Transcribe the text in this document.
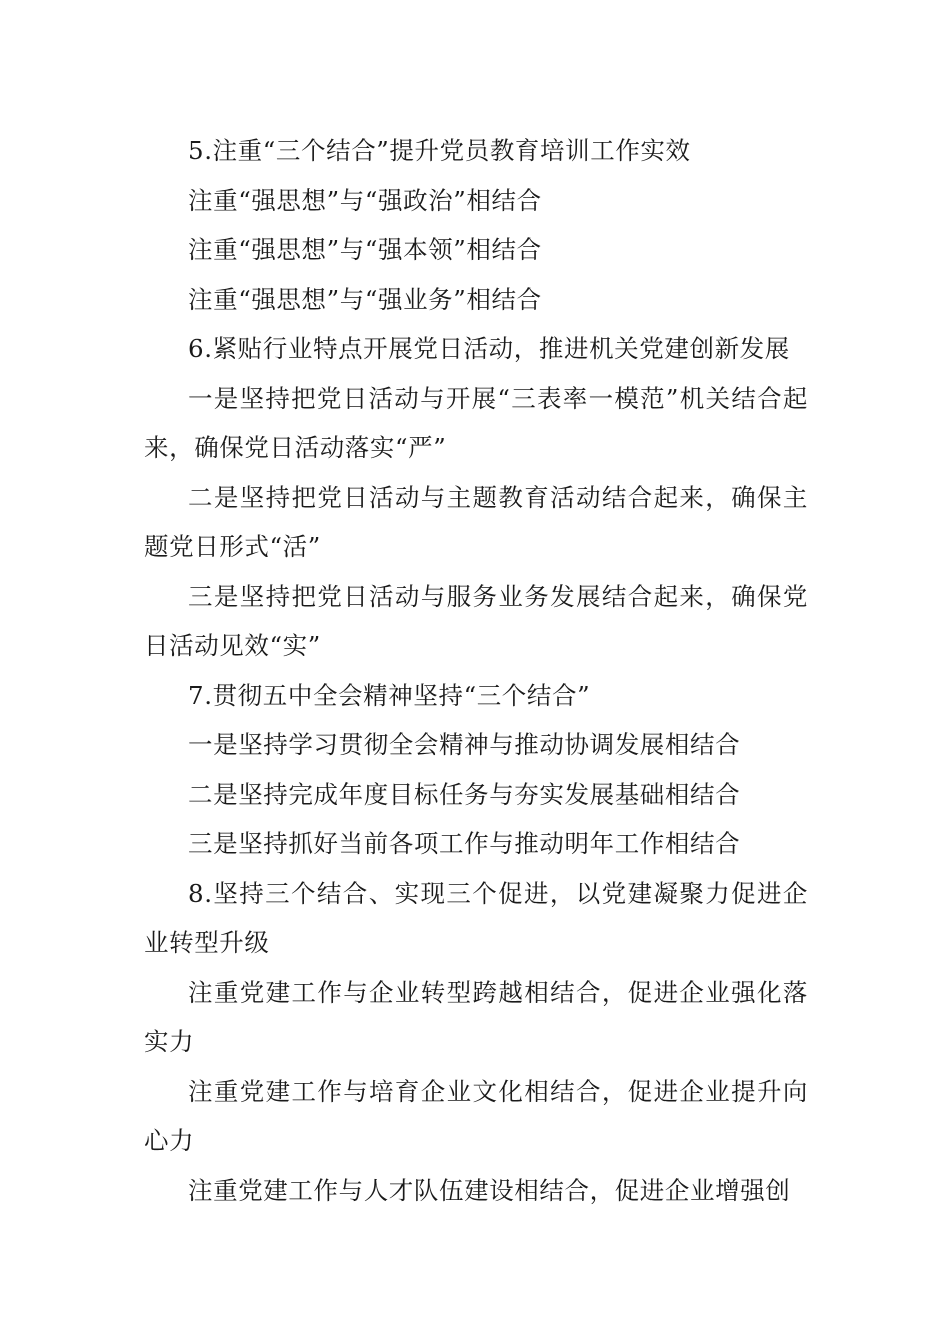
5.注重“三个结合”提升党员教育培训工作实效

注重“强思想”与“强政治”相结合

注重“强思想”与“强本领”相结合

注重“强思想”与“强业务”相结合

6.紧贴行业特点开展党日活动，推进机关党建创新发展

一是坚持把党日活动与开展“三表率一模范”机关结合起来，确保党日活动落实“严”

二是坚持把党日活动与主题教育活动结合起来，确保主题党日形式“活”

三是坚持把党日活动与服务业务发展结合起来，确保党日活动见效“实”

7.贯彻五中全会精神坚持“三个结合”

一是坚持学习贯彻全会精神与推动协调发展相结合

二是坚持完成年度目标任务与夯实发展基础相结合

三是坚持抓好当前各项工作与推动明年工作相结合

8.坚持三个结合、实现三个促进，以党建凝聚力促进企业转型升级

注重党建工作与企业转型跨越相结合，促进企业强化落实力

注重党建工作与培育企业文化相结合，促进企业提升向心力

注重党建工作与人才队伍建设相结合，促进企业增强创
